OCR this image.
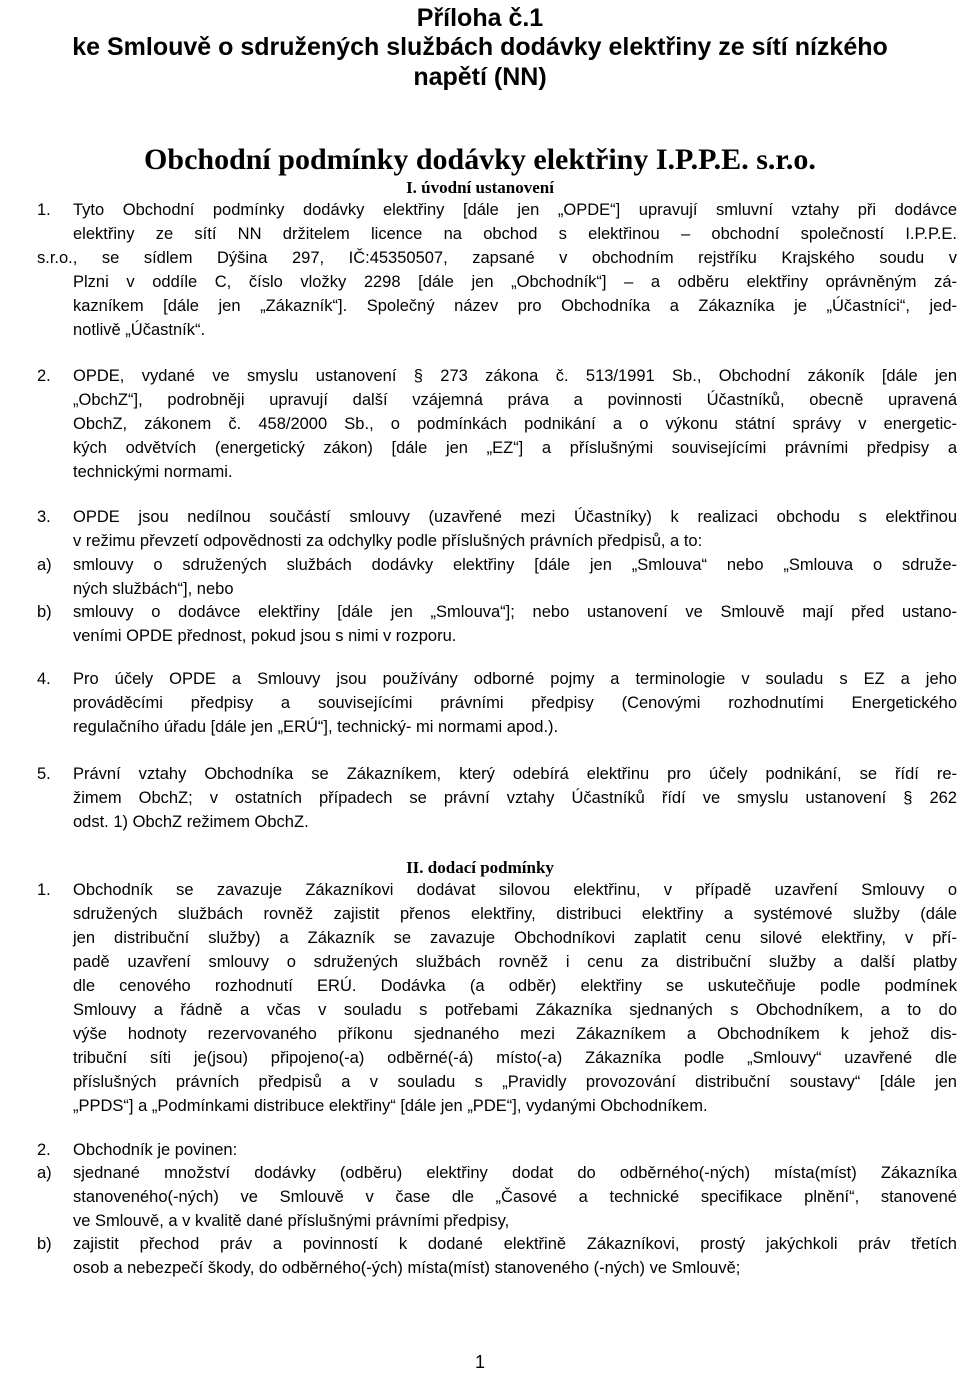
Příloha č.1
ke Smlouvě o sdružených službách dodávky elektřiny ze sítí nízkého
napětí (NN)
Obchodní podmínky dodávky elektřiny I.P.P.E. s.r.o.
I. úvodní ustanovení
1. Tyto Obchodní podmínky dodávky elektřiny [dále jen „OPDE“] upravují smluvní vztahy při dodávce

elektřiny ze sítí NN držitelem licence na obchod s elektřinou – obchodní společností I.P.P.E.

s.r.o., se sídlem Dýšina 297, IČ:45350507, zapsané v obchodním rejstříku Krajského soudu v

Plzni v oddíle C, číslo vložky 2298 [dále jen „Obchodník“] – a odběru elektřiny oprávněným zá-

kazníkem [dále jen „Zákazník“]. Společný název pro Obchodníka a Zákazníka je „Účastníci“, jed-

notlivě „Účastník“.

2. OPDE, vydané ve smyslu ustanovení § 273 zákona č. 513/1991 Sb., Obchodní zákoník [dále jen

„ObchZ“], podrobněji upravují další vzájemná práva a povinnosti Účastníků, obecně upravená

ObchZ, zákonem č. 458/2000 Sb., o podmínkách podnikání a o výkonu státní správy v energetic-

kých odvětvích (energetický zákon) [dále jen „EZ“] a příslušnými souvisejícími právními předpisy a

technickými normami.

3. OPDE jsou nedílnou součástí smlouvy (uzavřené mezi Účastníky) k realizaci obchodu s elektřinou

v režimu převzetí odpovědnosti za odchylky podle příslušných právních předpisů, a to:

a) smlouvy o sdružených službách dodávky elektřiny [dále jen „Smlouva“ nebo „Smlouva o sdruže-

ných službách“], nebo

b) smlouvy o dodávce elektřiny [dále jen „Smlouva“]; nebo ustanovení ve Smlouvě mají před ustano-

veními OPDE přednost, pokud jsou s nimi v rozporu.

4. Pro účely OPDE a Smlouvy jsou používány odborné pojmy a terminologie v souladu s EZ a jeho

prováděcími předpisy a souvisejícími právními předpisy (Cenovými rozhodnutími Energetického

regulačního úřadu [dále jen „ERÚ“], technický- mi normami apod.).

5. Právní vztahy Obchodníka se Zákazníkem, který odebírá elektřinu pro účely podnikání, se řídí re-

žimem ObchZ; v ostatních případech se právní vztahy Účastníků řídí ve smyslu ustanovení § 262

odst. 1) ObchZ režimem ObchZ.

II. dodací podmínky
1. Obchodník se zavazuje Zákazníkovi dodávat silovou elektřinu, v případě uzavření Smlouvy o

sdružených službách rovněž zajistit přenos elektřiny, distribuci elektřiny a systémové služby (dále

jen distribuční služby) a Zákazník se zavazuje Obchodníkovi zaplatit cenu silové elektřiny, v pří-

padě uzavření smlouvy o sdružených službách rovněž i cenu za distribuční služby a další platby

dle cenového rozhodnutí ERÚ. Dodávka (a odběr) elektřiny se uskutečňuje podle podmínek

Smlouvy a řádně a včas v souladu s potřebami Zákazníka sjednaných s Obchodníkem, a to do

výše hodnoty rezervovaného příkonu sjednaného mezi Zákazníkem a Obchodníkem k jehož dis-

tribuční síti je(jsou) připojeno(-a) odběrné(-á) místo(-a) Zákazníka podle „Smlouvy“ uzavřené dle

příslušných právních předpisů a v souladu s „Pravidly provozování distribuční soustavy“ [dále jen

„PPDS“] a „Podmínkami distribuce elektřiny“ [dále jen „PDE“], vydanými Obchodníkem.

2. Obchodník je povinen:

a) sjednané množství dodávky (odběru) elektřiny dodat do odběrného(-ných) místa(míst) Zákazníka

stanoveného(-ných) ve Smlouvě v čase dle „Časové a technické specifikace plnění“, stanovené

ve Smlouvě, a v kvalitě dané příslušnými právními předpisy,

b) zajistit přechod práv a povinností k dodané elektřině Zákazníkovi, prostý jakýchkoli práv třetích

osob a nebezpečí škody, do odběrného(-ých) místa(míst) stanoveného (-ných) ve Smlouvě;

1
